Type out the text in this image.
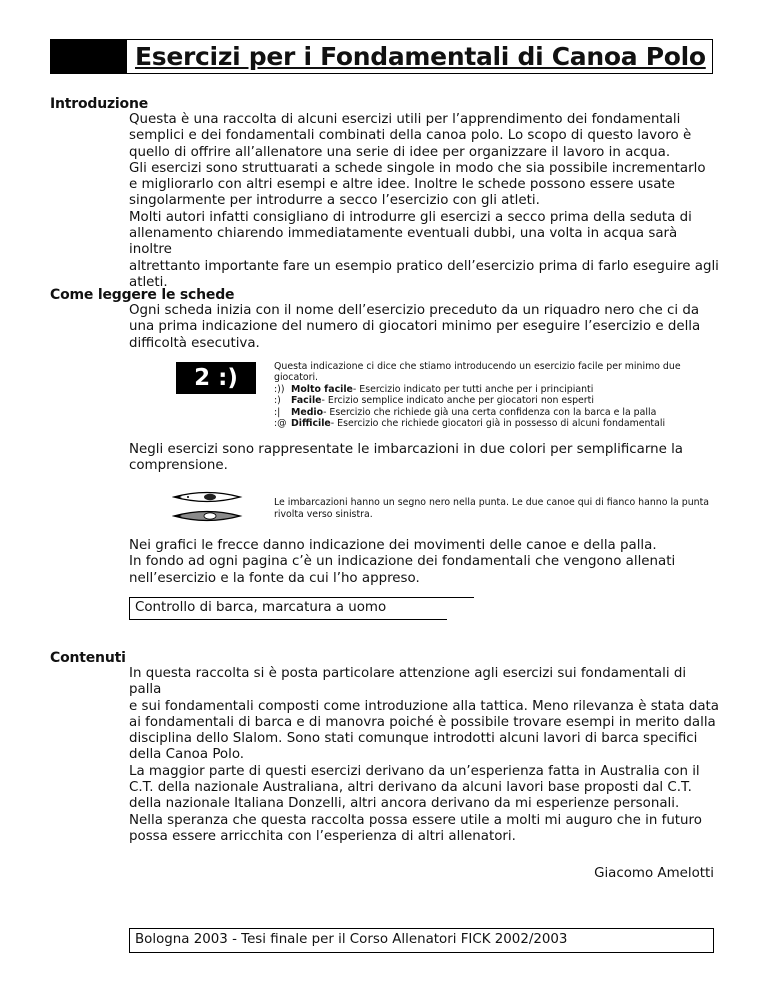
Esercizi per i Fondamentali di Canoa Polo
Introduzione

Questa è una raccolta di alcuni esercizi utili per l’apprendimento dei fondamentali

semplici e dei fondamentali combinati della canoa polo. Lo scopo di questo lavoro è

quello di offrire all’allenatore una serie di idee per organizzare il lavoro in acqua.

Gli esercizi sono struttuarati a schede singole in modo che sia possibile incrementarlo

e migliorarlo con altri esempi e altre idee. Inoltre le schede possono essere usate

singolarmente per introdurre a secco l’esercizio con gli atleti.

Molti autori infatti consigliano di introdurre gli esercizi a secco prima della seduta di

allenamento chiarendo immediatamente eventuali dubbi, una volta in acqua sarà inoltre

altrettanto importante fare un esempio pratico dell’esercizio prima di farlo eseguire agli

atleti.

Come leggere le schede

Ogni scheda inizia con il nome dell’esercizio preceduto da un riquadro nero che ci da

una prima indicazione del numero di giocatori minimo per eseguire l’esercizio e della

difficoltà esecutiva.

2 :)	Questa indicazione ci dice che stiamo introducendo un esercizio facile per minimo due giocatori.
:)) Molto facile - Esercizio indicato per tutti anche per i principianti
:)	Facile - Ercizio semplice indicato anche per giocatori non esperti
:|	Medio - Esercizio che richiede già una certa confidenza con la barca e la palla
:@ Difficile - Esercizio che richiede giocatori già in possesso di alcuni fondamentali

Negli esercizi sono rappresentate le imbarcazioni in due colori per semplificarne la

comprensione.

Le imbarcazioni hanno un segno nero nella punta. Le due canoe qui di fianco hanno la punta rivolta verso sinistra.

Nei grafici le frecce danno indicazione dei movimenti delle canoe e della palla.

In fondo ad ogni pagina c’è un indicazione dei fondamentali che vengono allenati

nell’esercizio e la fonte da cui l’ho appreso.

Controllo di barca, marcatura a uomo
Contenuti

In questa raccolta si è posta particolare attenzione agli esercizi sui fondamentali di palla

e sui fondamentali composti come introduzione alla tattica. Meno rilevanza è stata data

ai fondamentali di barca e di manovra poiché è possibile trovare esempi in merito dalla

disciplina dello Slalom. Sono stati comunque introdotti alcuni lavori di barca specifici

della Canoa Polo.

La maggior parte di questi esercizi derivano da un’esperienza fatta in Australia con il

C.T. della nazionale Australiana, altri derivano da alcuni lavori base proposti dal C.T.

della nazionale Italiana Donzelli, altri ancora derivano da mi esperienze personali.

Nella speranza che questa raccolta possa essere utile a molti mi auguro che in futuro

possa essere arricchita con l’esperienza di altri allenatori.

Giacomo Amelotti
Bologna 2003 - Tesi finale per il Corso Allenatori FICK 2002/2003
